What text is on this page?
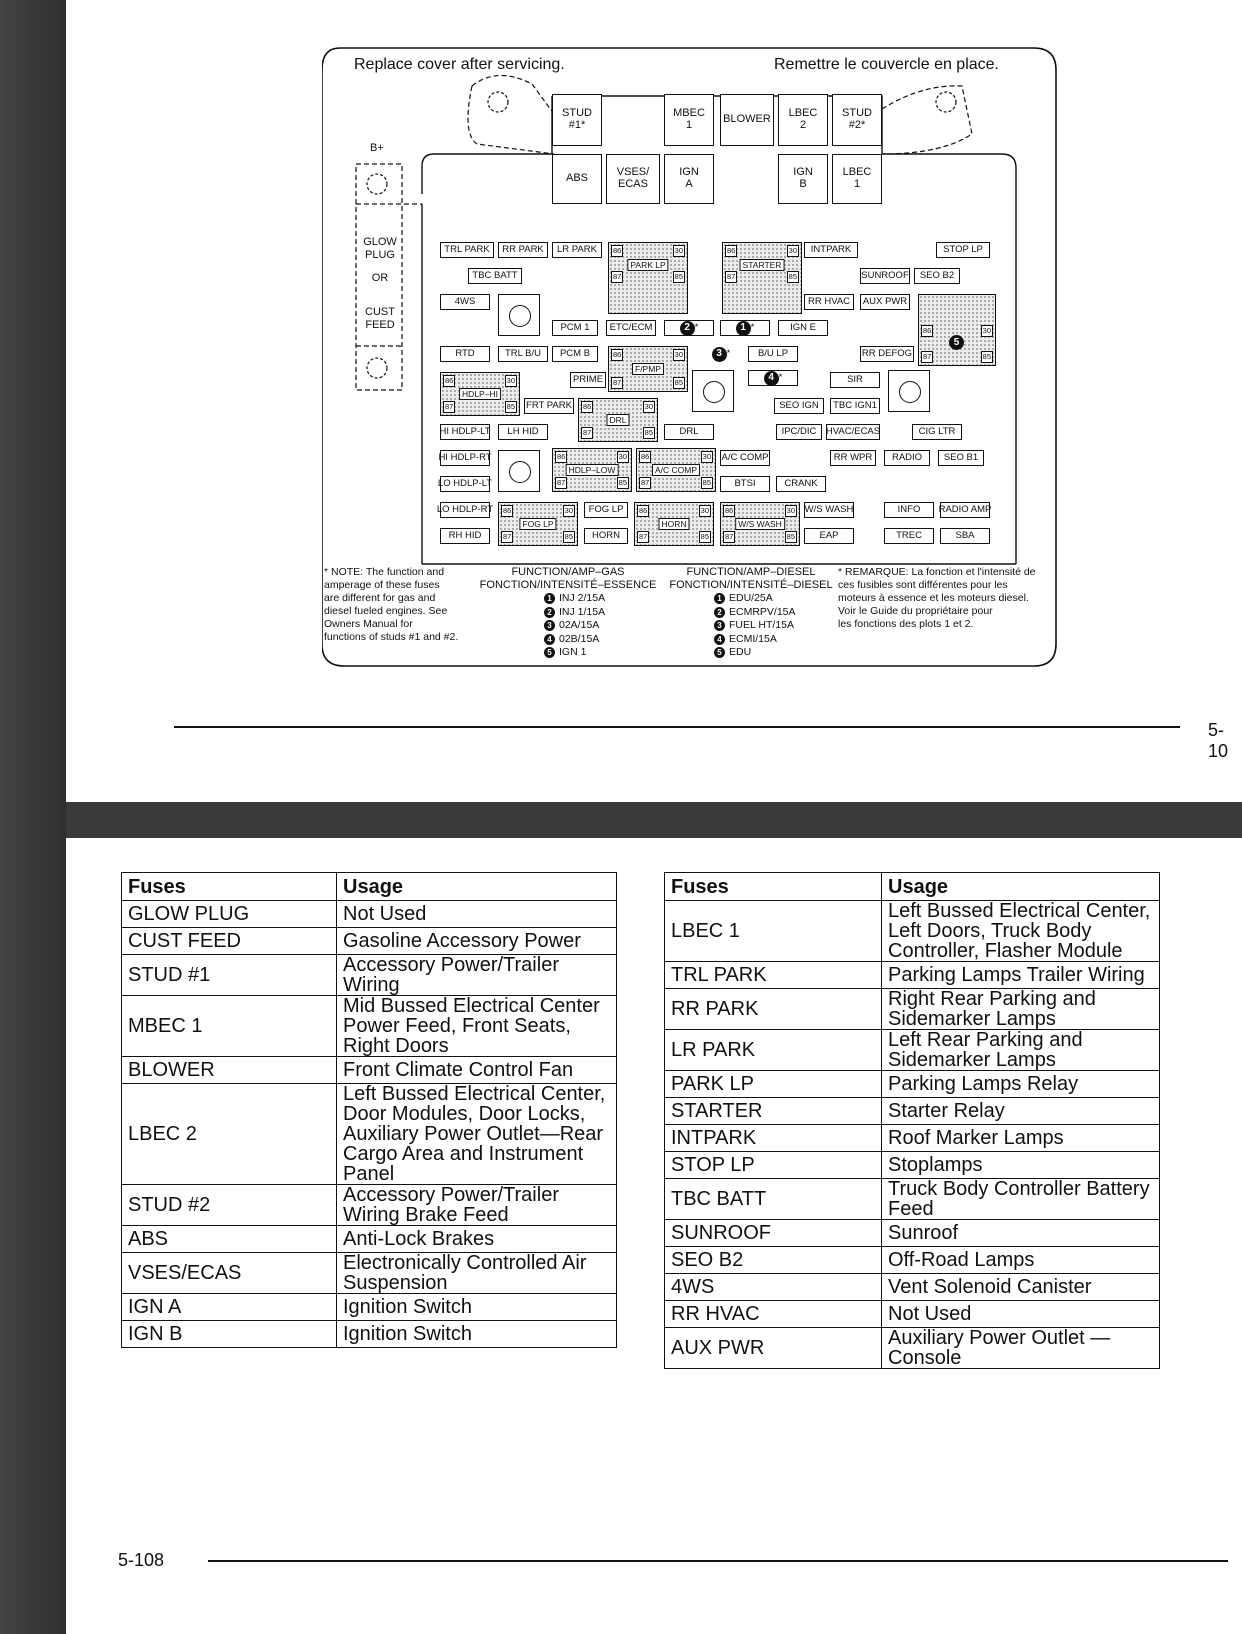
Replace cover after servicing.	Remettre le couvercle en place.
B+
GLOW
PLUG
OR
CUST
FEED
STUD
#1*
MBEC
1	BLOWER	LBEC
2
STUD
#2*
ABS	VSES/
ECAS
IGN
A
IGN
B
LBEC
1
TRL PARK	RR PARK	LR PARK	86	30
87	85
PARK LP
86	30
87	85
STARTER
INTPARK	STOP LP
TBC BATT	SUNROOF	SEO B2
4WS	RR HVAC	AUX PWR
86	30
87	85
5
PCM 1	ETC/ECM	2 *	1 *	IGN E
RTD	TRL B/U	PCM B	86	30
87	85
F/PMP
3 *	B/U LP	RR DEFOG
86	30
87	85
HDLP–HI
PRIME	4 *	SIR
FRT PARK 86	30
87	85
DRL
SEO IGN	TBC IGN1
HI HDLP-LT	LH HID	DRL	IPC/DIC HVAC/ECAS	CIG LTR
HI HDLP-RT	86	30
87	85
HDLP–LOW
86	30
87	85
A/C COMP
A/C COMP	RR WPR	RADIO	SEO B1
LO HDLP-LT	BTSI	CRANK
LO HDLP-RT 86	30
87	85
FOG LP
FOG LP	86	30
87	85
HORN
86	30
87	85
W/S WASH
W/S WASH	INFO	RADIO AMP
RH HID	HORN	EAP	TREC	SBA
* NOTE: The function and
amperage of these fuses
are different for gas and
diesel fueled engines. See
Owners Manual for
functions of studs #1 and #2.
FUNCTION/AMP–GAS
FONCTION/INTENSITÉ–ESSENCE
1 INJ 2/15A
2 INJ 1/15A
3 02A/15A
4 02B/15A
5 IGN 1
FUNCTION/AMP–DIESEL
FONCTION/INTENSITÉ–DIESEL
1 EDU/25A
2 ECMRPV/15A
3 FUEL HT/15A
4 ECMI/15A
5 EDU
* REMARQUE: La fonction et l'intensité de
ces fusibles sont différentes pour les
moteurs à essence et les moteurs diesel.
Voir le Guide du propriétaire pour
les fonctions des plots 1 et 2.
5-10
Fuses	Usage
GLOW PLUG	Not Used
CUST FEED	Gasoline Accessory Power
STUD #1	Accessory Power/Trailer
Wiring
MBEC 1	Mid Bussed Electrical Center
Power Feed, Front Seats,
Right Doors
BLOWER	Front Climate Control Fan
LBEC 2	Left Bussed Electrical Center,
Door Modules, Door Locks,
Auxiliary Power Outlet—Rear
Cargo Area and Instrument
Panel
STUD #2	Accessory Power/Trailer
Wiring Brake Feed
ABS	Anti-Lock Brakes
VSES/ECAS	Electronically Controlled Air
Suspension
IGN A	Ignition Switch
IGN B	Ignition Switch
Fuses	Usage
LBEC 1	Left Bussed Electrical Center,
Left Doors, Truck Body
Controller, Flasher Module
TRL PARK	Parking Lamps Trailer Wiring
RR PARK	Right Rear Parking and
Sidemarker Lamps
LR PARK	Left Rear Parking and
Sidemarker Lamps
PARK LP	Parking Lamps Relay
STARTER	Starter Relay
INTPARK	Roof Marker Lamps
STOP LP	Stoplamps
TBC BATT	Truck Body Controller Battery
Feed
SUNROOF	Sunroof
SEO B2	Off-Road Lamps
4WS	Vent Solenoid Canister
RR HVAC	Not Used
AUX PWR	Auxiliary Power Outlet —
Console
5-108
